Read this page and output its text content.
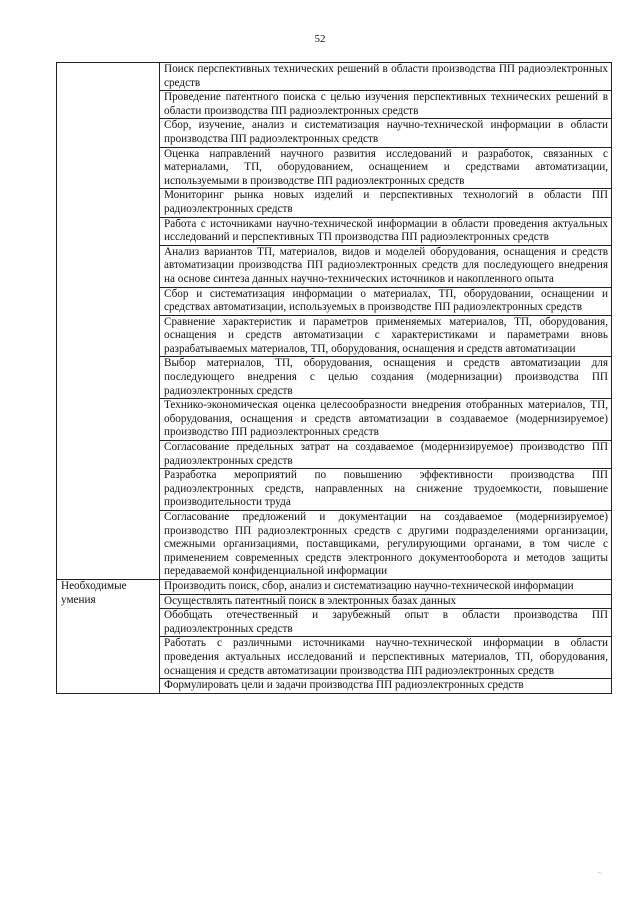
52
	Поиск перспективных технических решений в области производства ПП радиоэлектронных средств
	Проведение патентного поиска с целью изучения перспективных технических решений в области производства ПП радиоэлектронных средств
	Сбор, изучение, анализ и систематизация научно-технической информации в области производства ПП радиоэлектронных средств
	Оценка направлений научного развития исследований и разработок, связанных с материалами, ТП, оборудованием, оснащением и средствами автоматизации, используемыми в производстве ПП радиоэлектронных средств
	Мониторинг рынка новых изделий и перспективных технологий в области ПП радиоэлектронных средств
	Работа с источниками научно-технической информации в области проведения актуальных исследований и перспективных ТП производства ПП радиоэлектронных средств
	Анализ вариантов ТП, материалов, видов и моделей оборудования, оснащения и средств автоматизации производства ПП радиоэлектронных средств для последующего внедрения на основе синтеза данных научно-технических источников и накопленного опыта
	Сбор и систематизация информации о материалах, ТП, оборудовании, оснащении и средствах автоматизации, используемых в производстве ПП радиоэлектронных средств
	Сравнение характеристик и параметров применяемых материалов, ТП, оборудования, оснащения и средств автоматизации с характеристиками и параметрами вновь разрабатываемых материалов, ТП, оборудования, оснащения и средств автоматизации
	Выбор материалов, ТП, оборудования, оснащения и средств автоматизации для последующего внедрения с целью создания (модернизации) производства ПП радиоэлектронных средств
	Технико-экономическая оценка целесообразности внедрения отобранных материалов, ТП, оборудования, оснащения и средств автоматизации в создаваемое (модернизируемое) производство ПП радиоэлектронных средств
	Согласование предельных затрат на создаваемое (модернизируемое) производство ПП радиоэлектронных средств
	Разработка мероприятий по повышению эффективности производства ПП радиоэлектронных средств, направленных на снижение трудоемкости, повышение производительности труда
	Согласование предложений и документации на создаваемое (модернизируемое) производство ПП радиоэлектронных средств с другими подразделениями организации, смежными организациями, поставщиками, регулирующими органами, в том числе с применением современных средств электронного документооборота и методов защиты передаваемой конфиденциальной информации
Необходимые умения	Производить поиск, сбор, анализ и систематизацию научно-технической информации
	Осуществлять патентный поиск в электронных базах данных
	Обобщать отечественный и зарубежный опыт в области производства ПП радиоэлектронных средств
	Работать с различными источниками научно-технической информации в области проведения актуальных исследований и перспективных материалов, ТП, оборудования, оснащения и средств автоматизации производства ПП радиоэлектронных средств
	Формулировать цели и задачи производства ПП радиоэлектронных средств
~
